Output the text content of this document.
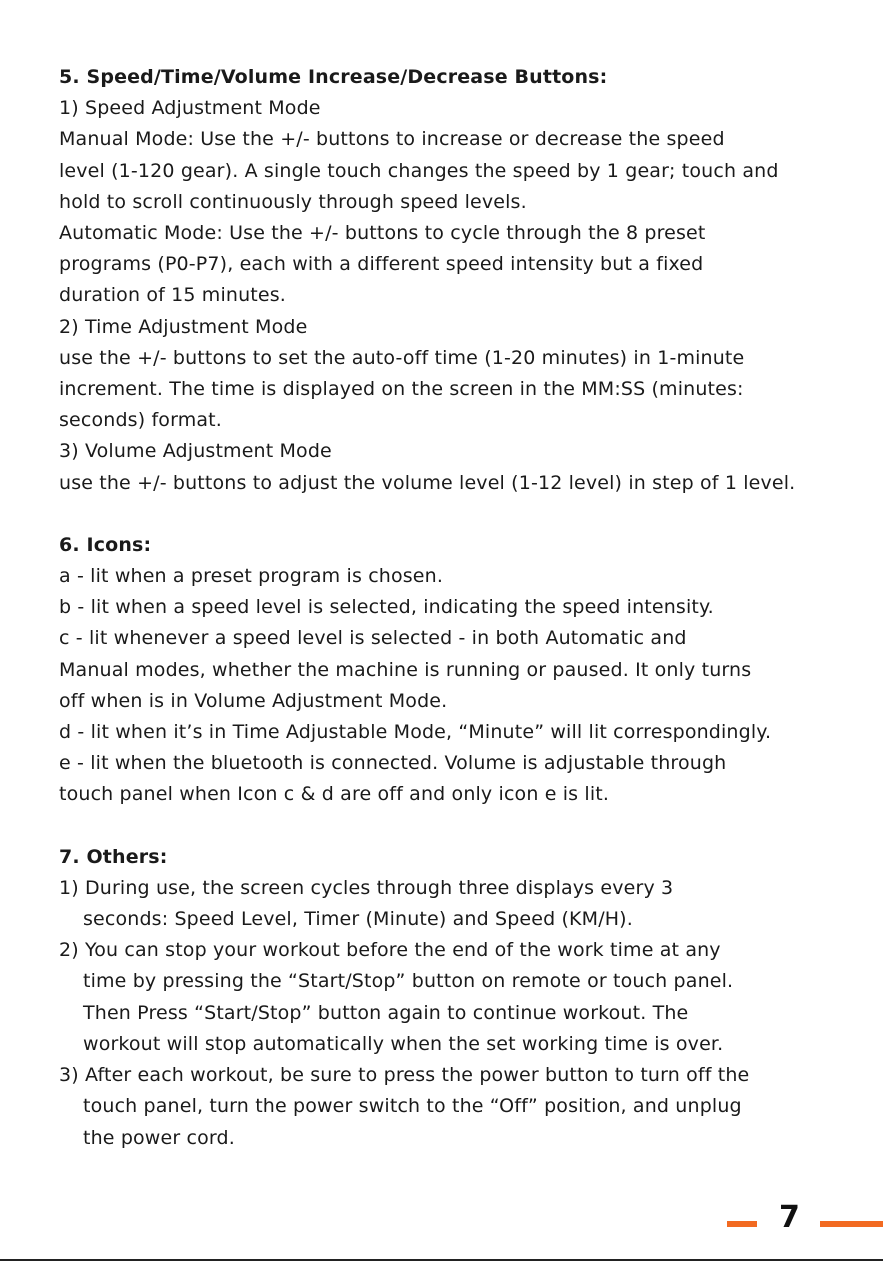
5. Speed/Time/Volume Increase/Decrease Buttons:
1) Speed Adjustment Mode
Manual Mode: Use the +/- buttons to increase or decrease the speed
level (1-120 gear). A single touch changes the speed by 1 gear; touch and
hold to scroll continuously through speed levels.
Automatic Mode: Use the +/- buttons to cycle through the 8 preset
programs (P0-P7), each with a different speed intensity but a fixed
duration of 15 minutes.
2) Time Adjustment Mode
use the +/- buttons to set the auto-off time (1-20 minutes) in 1-minute
increment. The time is displayed on the screen in the MM:SS (minutes:
seconds) format.
3) Volume Adjustment Mode
use the +/- buttons to adjust the volume level (1-12 level) in step of 1 level.
6. Icons:
a - lit when a preset program is chosen.
b - lit when a speed level is selected, indicating the speed intensity.
c - lit whenever a speed level is selected - in both Automatic and
Manual modes, whether the machine is running or paused. It only turns
off when is in Volume Adjustment Mode.
d - lit when it’s in Time Adjustable Mode, “Minute” will lit correspondingly.
e - lit when the bluetooth is connected. Volume is adjustable through
touch panel when Icon c & d are off and only icon e is lit.
7. Others:
1) During use, the screen cycles through three displays every 3
seconds: Speed Level, Timer (Minute) and Speed (KM/H).
2) You can stop your workout before the end of the work time at any
time by pressing the “Start/Stop” button on remote or touch panel.
Then Press “Start/Stop” button again to continue workout. The
workout will stop automatically when the set working time is over.
3) After each workout, be sure to press the power button to turn off the
touch panel, turn the power switch to the “Off” position, and unplug
the power cord.
7
